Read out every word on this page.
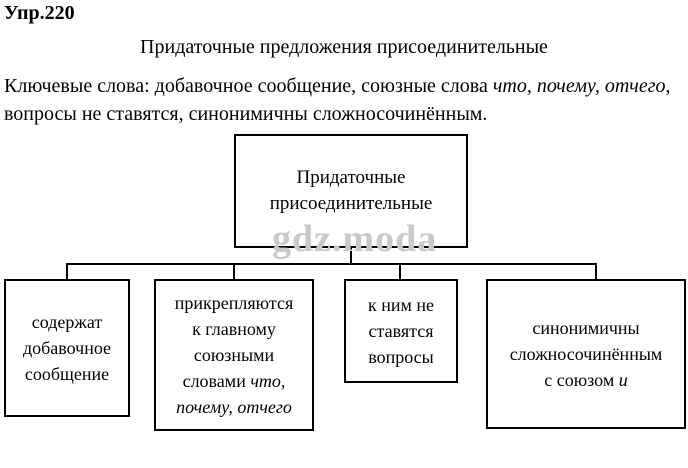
Упр.220
Придаточные предложения присоединительные
Ключевые слова: добавочное сообщение, союзные слова что, почему, отчего, вопросы не ставятся, синонимичны сложносочинённым.
Придаточные
присоединительные
gdz.moda
содержат
добавочное
сообщение
прикрепляются
к главному
союзными
словами что,
почему, отчего
к ним не
ставятся
вопросы
синонимичны
сложносочинённым
с союзом и
